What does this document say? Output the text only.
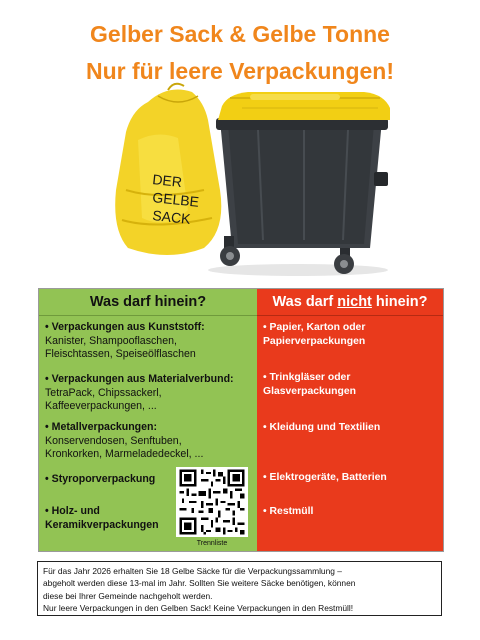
Gelber Sack & Gelbe Tonne
Nur für leere Verpackungen!
DER
GELBE
SACK
Was darf hinein?
• Verpackungen aus Kunststoff:
Kanister, Shampooflaschen,
Fleischtassen, Speiseölflaschen
• Verpackungen aus Materialverbund:
TetraPack, Chipssackerl,
Kaffeeverpackungen, ...
• Metallverpackungen:
Konservendosen, Senftuben,
Kronkorken, Marmeladedeckel, ...
• Styroporverpackung
• Holz- und
Keramikverpackungen
Trennliste
Was darf nicht hinein?
• Papier, Karton oder
Papierverpackungen
• Trinkgläser oder
Glasverpackungen
• Kleidung und Textilien
• Elektrogeräte, Batterien
• Restmüll
Für das Jahr 2026 erhalten Sie 18 Gelbe Säcke für die Verpackungssammlung –
abgeholt werden diese 13-mal im Jahr. Sollten Sie weitere Säcke benötigen, können
diese bei Ihrer Gemeinde nachgeholt werden.
Nur leere Verpackungen in den Gelben Sack! Keine Verpackungen in den Restmüll!
